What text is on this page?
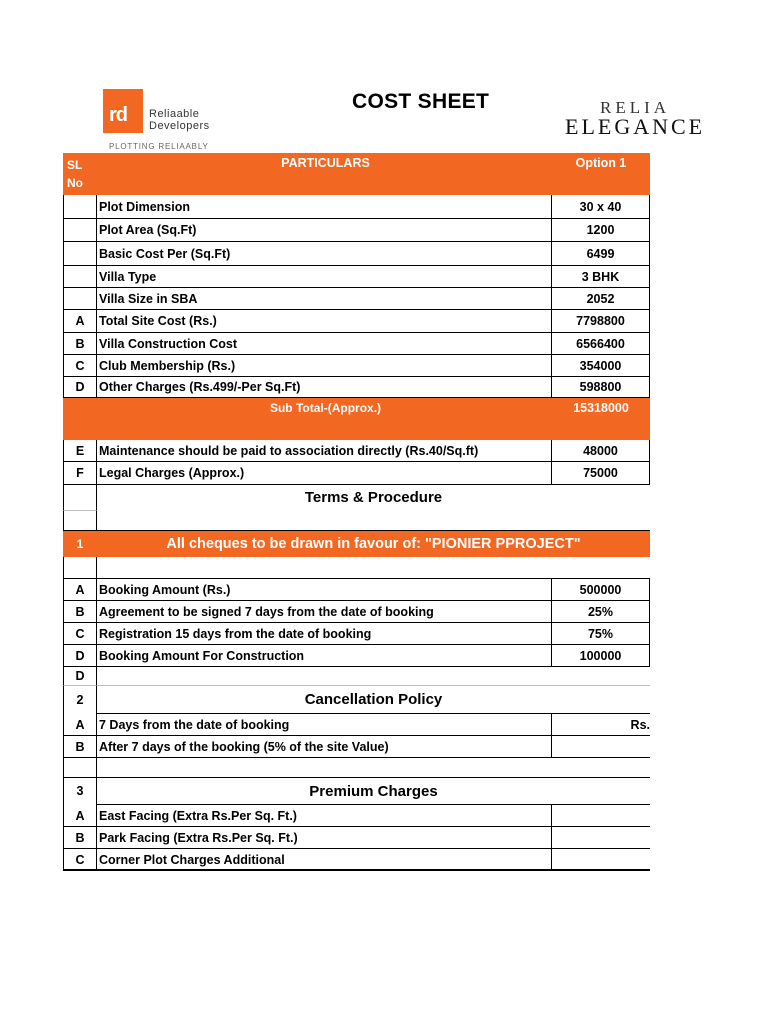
rd Reliaable
Developers
PLOTTING RELIAABLY
COST SHEET	RELIA
ELEGANCE
SL No
PARTICULARS	Option 1
Plot Dimension	30 x 40
Plot Area (Sq.Ft)	1200
Basic Cost Per (Sq.Ft)	6499
Villa Type	3 BHK
Villa Size in SBA	2052
A	Total Site Cost (Rs.)	7798800
B	Villa Construction Cost	6566400
C	Club Membership (Rs.)	354000
D	Other Charges (Rs.499/-Per Sq.Ft)	598800
Sub Total-(Approx.)	15318000
E	Maintenance should be paid to association directly (Rs.40/Sq.ft)	48000
F	Legal Charges (Approx.)	75000
Terms & Procedure
1	All cheques to be drawn in favour of: "PIONIER PPROJECT"
A	Booking Amount (Rs.)	500000
B	Agreement to be signed 7 days from the date of booking	25%
C	Registration 15 days from the date of booking	75%
D	Booking Amount For Construction	100000
D
2	Cancellation Policy
A	7 Days from the date of booking	Rs.
B	After 7 days of the booking (5% of the site Value)
3	Premium Charges
A	East Facing (Extra Rs.Per Sq. Ft.)
B	Park Facing (Extra Rs.Per Sq. Ft.)
C	Corner Plot Charges Additional
